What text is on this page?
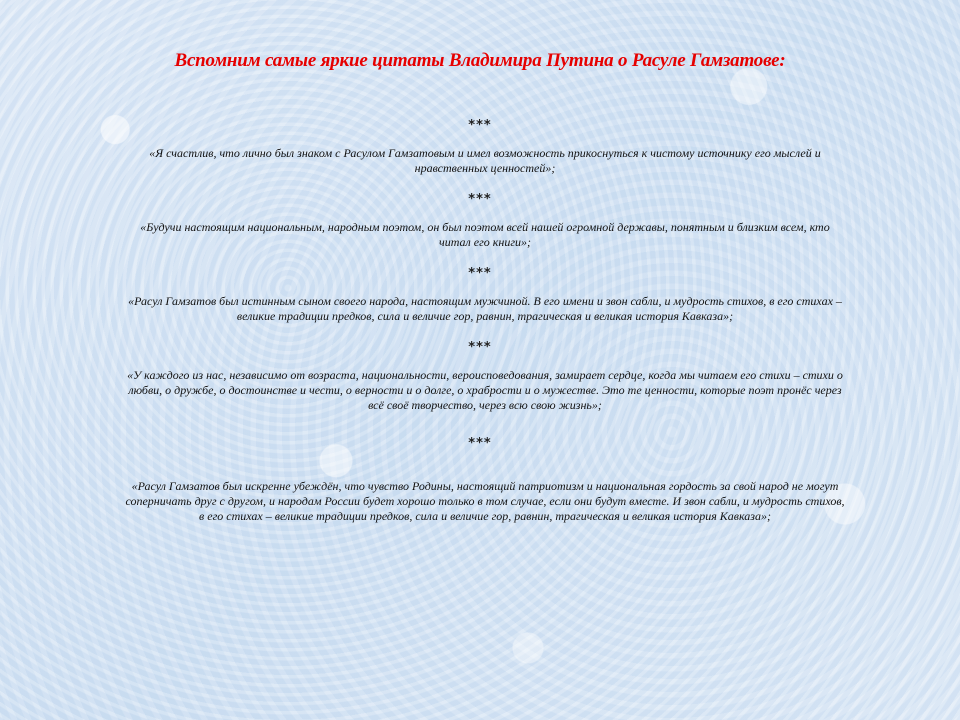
Вспомним самые яркие цитаты Владимира Путина о Расуле Гамзатове:
***
«Я счастлив, что лично был знаком с Расулом Гамзатовым и имел возможность прикоснуться к чистому источнику его мыслей и нравственных ценностей»;
***
«Будучи настоящим национальным, народным поэтом, он был поэтом всей нашей огромной державы, понятным и близким всем, кто читал его книги»;
***
«Расул Гамзатов был истинным сыном своего народа, настоящим мужчиной. В его имени и звон сабли, и мудрость стихов, в его стихах – великие традиции предков, сила и величие гор, равнин, трагическая и великая история Кавказа»;
***
«У каждого из нас, независимо от возраста, национальности, вероисповедования, замирает сердце, когда мы читаем его стихи – стихи о любви, о дружбе, о достоинстве и чести, о верности и о долге, о храбрости и о мужестве. Это те ценности, которые поэт пронёс через всё своё творчество, через всю свою жизнь»;
***
«Расул Гамзатов был искренне убеждён, что чувство Родины, настоящий патриотизм и национальная гордость за свой народ не могут соперничать друг с другом, и народам России будет хорошо только в том случае, если они будут вместе. И звон сабли, и мудрость стихов, в его стихах – великие традиции предков, сила и величие гор, равнин, трагическая и великая история Кавказа»;
